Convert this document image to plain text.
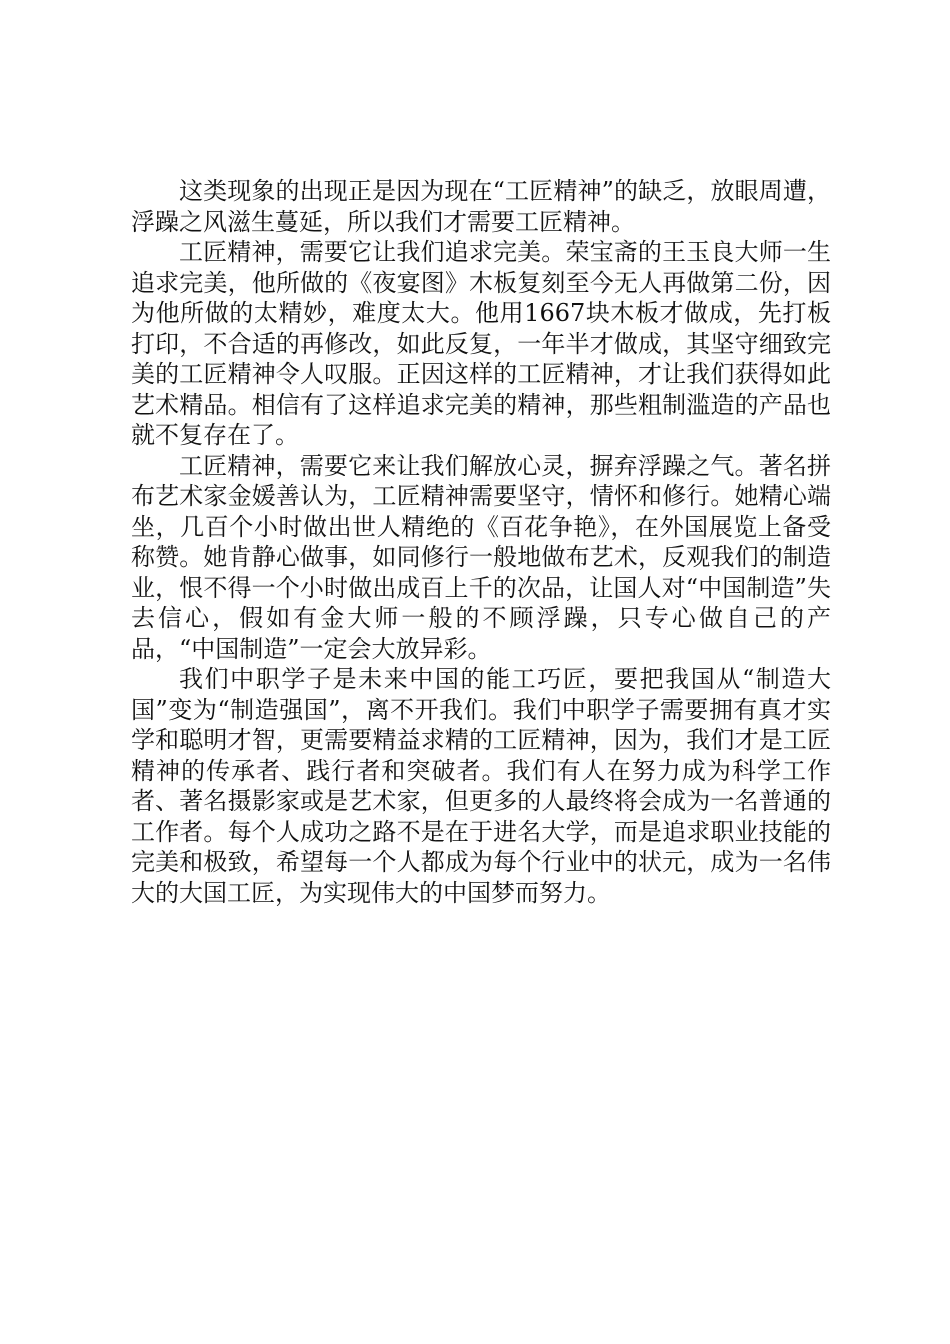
这类现象的出现正是因为现在“工匠精神”的缺乏，放眼周遭，浮躁之风滋生蔓延，所以我们才需要工匠精神。

工匠精神，需要它让我们追求完美。荣宝斋的王玉良大师一生追求完美，他所做的《夜宴图》木板复刻至今无人再做第二份，因为他所做的太精妙，难度太大。他用1667块木板才做成，先打板打印，不合适的再修改，如此反复，一年半才做成，其坚守细致完美的工匠精神令人叹服。正因这样的工匠精神，才让我们获得如此艺术精品。相信有了这样追求完美的精神，那些粗制滥造的产品也就不复存在了。

工匠精神，需要它来让我们解放心灵，摒弃浮躁之气。著名拼布艺术家金媛善认为，工匠精神需要坚守，情怀和修行。她精心端坐，几百个小时做出世人精绝的《百花争艳》，在外国展览上备受称赞。她肯静心做事，如同修行一般地做布艺术，反观我们的制造业，恨不得一个小时做出成百上千的次品，让国人对“中国制造”失去信心，假如有金大师一般的不顾浮躁，只专心做自己的产品，“中国制造”一定会大放异彩。

我们中职学子是未来中国的能工巧匠，要把我国从“制造大国”变为“制造强国”，离不开我们。我们中职学子需要拥有真才实学和聪明才智，更需要精益求精的工匠精神，因为，我们才是工匠精神的传承者、践行者和突破者。我们有人在努力成为科学工作者、著名摄影家或是艺术家，但更多的人最终将会成为一名普通的工作者。每个人成功之路不是在于进名大学，而是追求职业技能的完美和极致，希望每一个人都成为每个行业中的状元，成为一名伟大的大国工匠，为实现伟大的中国梦而努力。
